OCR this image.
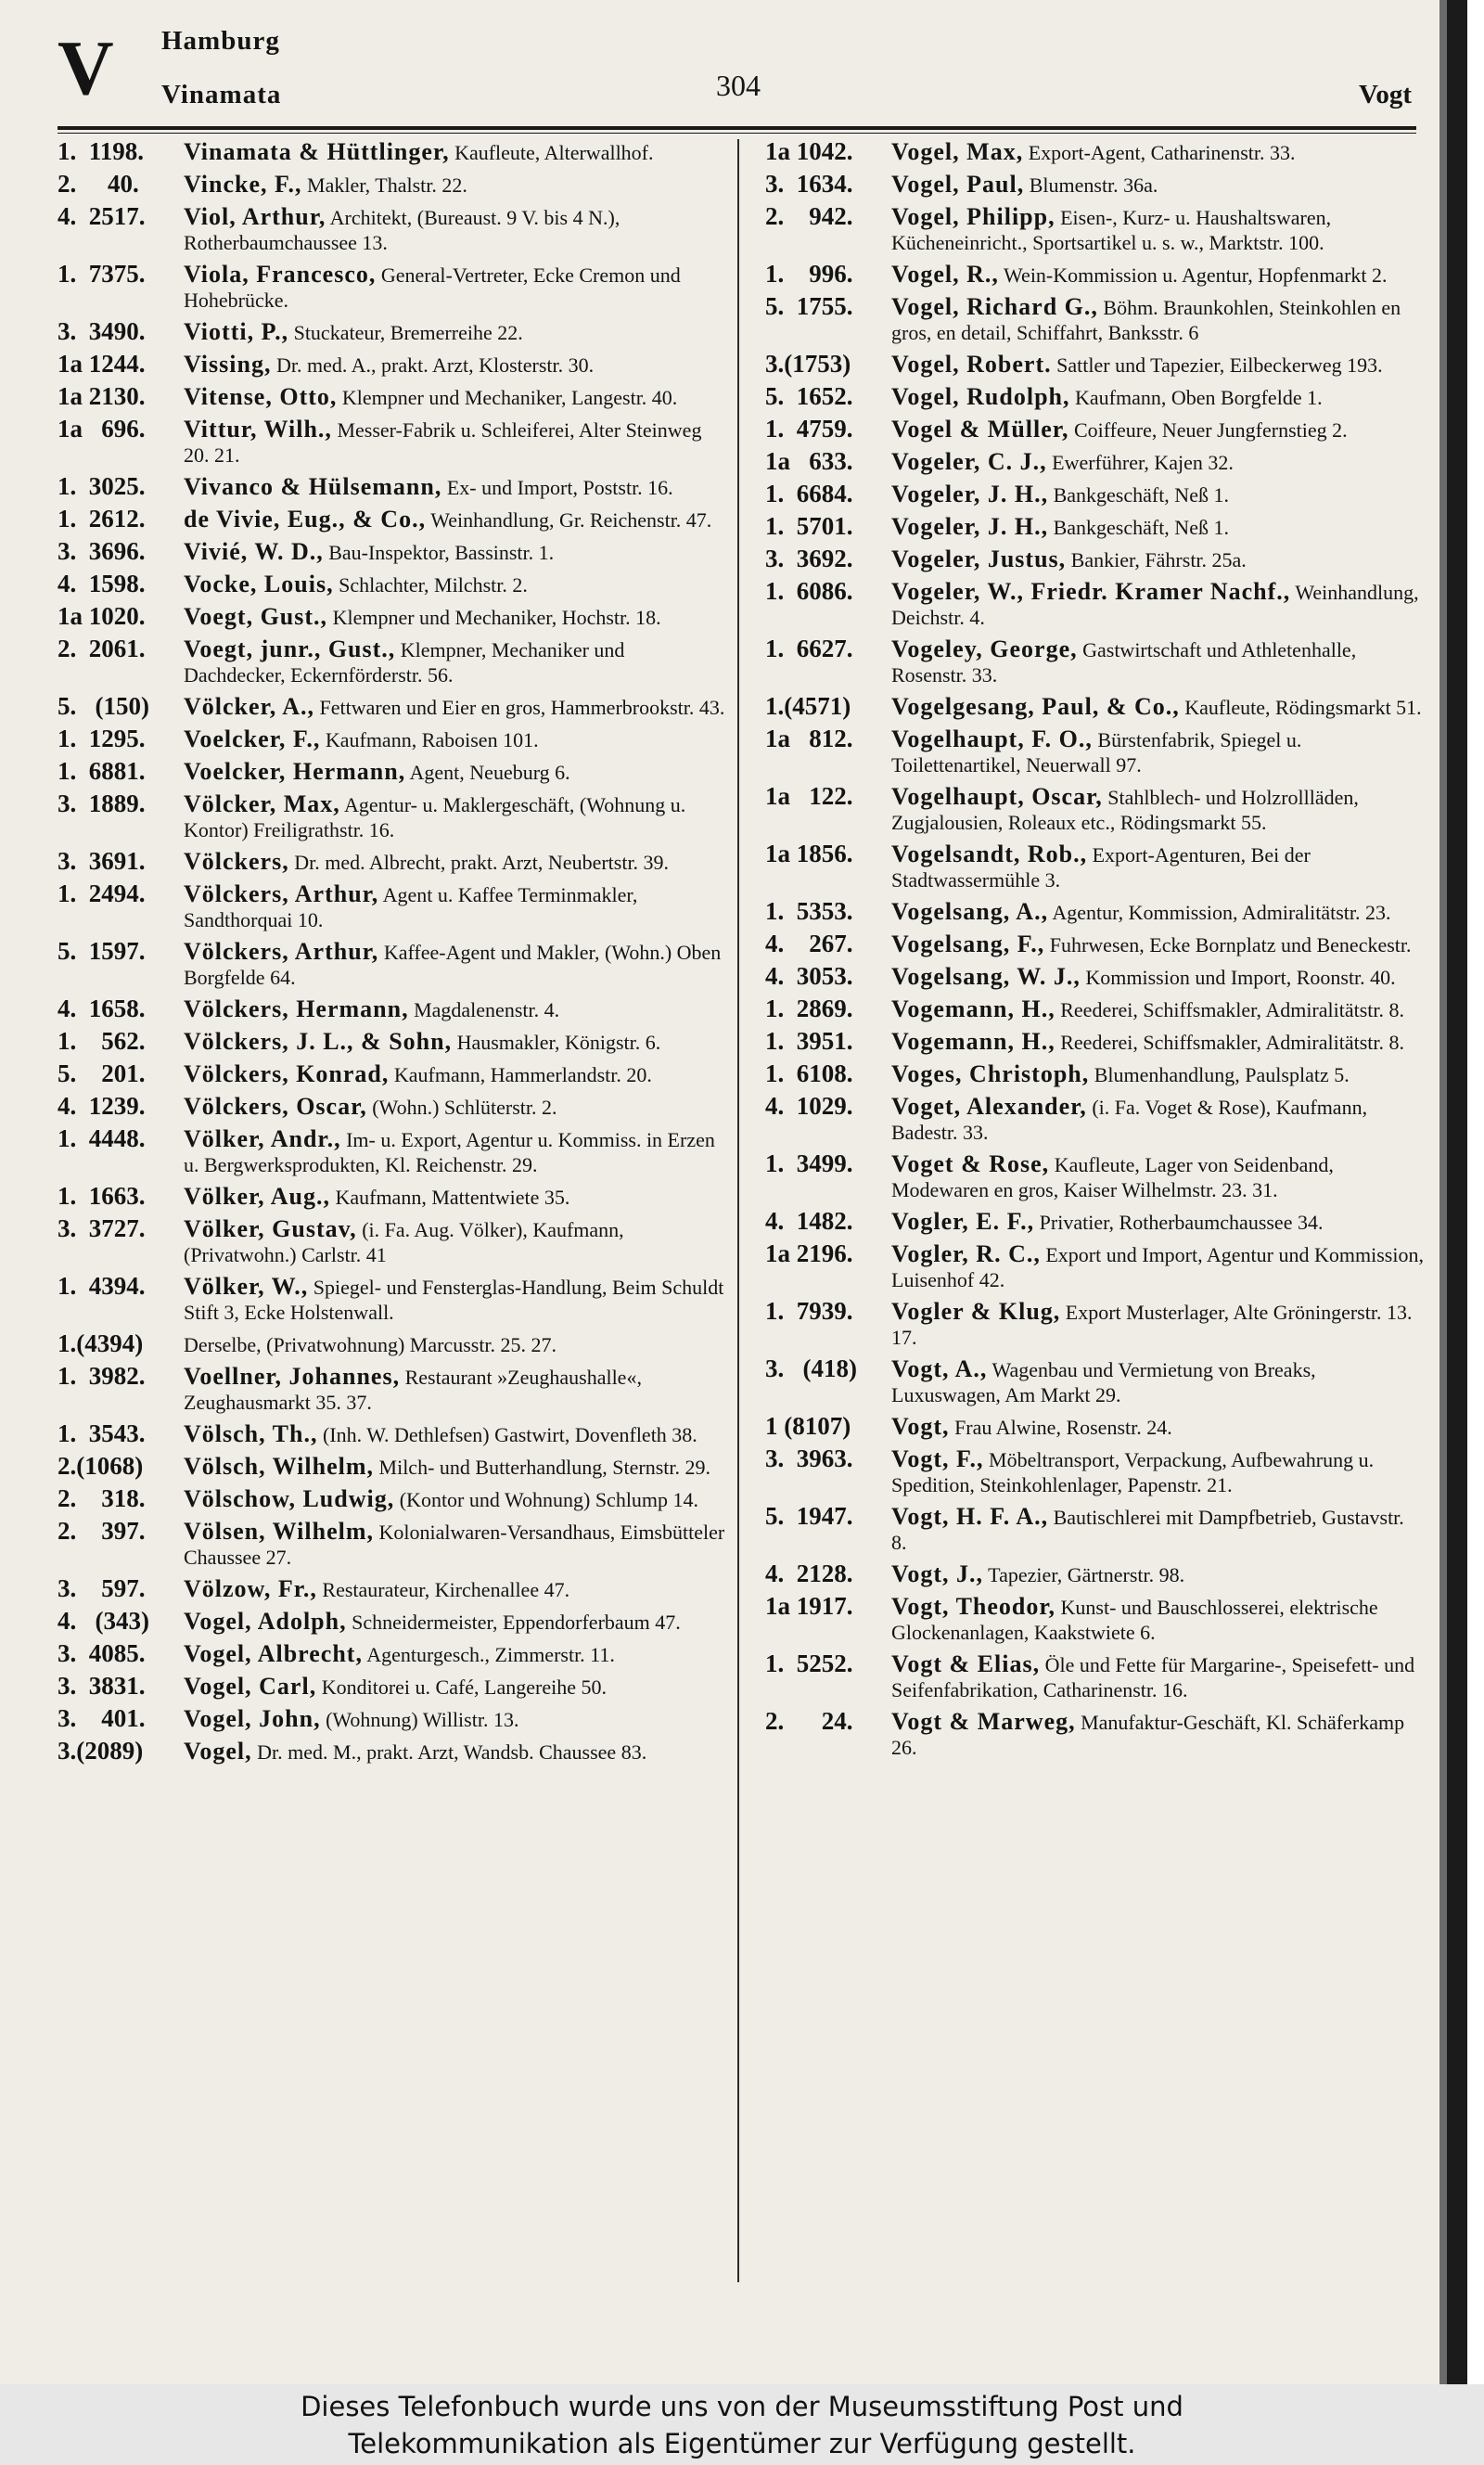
V Hamburg
Vinamata	304	Vogt
1.  1198. Vinamata & Hüttlinger, Kaufleute, Alterwallhof.
2.     40. Vincke, F., Makler, Thalstr. 22.
4.  2517. Viol, Arthur, Architekt, (Bureaust. 9 V. bis 4 N.), Rotherbaumchaussee 13.
1.  7375. Viola, Francesco, General-Vertreter, Ecke Cremon und Hohebrücke.
3.  3490. Viotti, P., Stuckateur, Bremerreihe 22.
1a 1244. Vissing, Dr. med. A., prakt. Arzt, Klosterstr. 30.
1a 2130. Vitense, Otto, Klempner und Mechaniker, Langestr. 40.
1a   696. Vittur, Wilh., Messer-Fabrik u. Schleiferei, Alter Steinweg 20. 21.
1.  3025. Vivanco & Hülsemann, Ex- und Import, Poststr. 16.
1.  2612. de Vivie, Eug., & Co., Weinhandlung, Gr. Reichenstr. 47.
3.  3696. Vivié, W. D., Bau-Inspektor, Bassinstr. 1.
4.  1598. Vocke, Louis, Schlachter, Milchstr. 2.
1a 1020. Voegt, Gust., Klempner und Mechaniker, Hochstr. 18.
2.  2061. Voegt, junr., Gust., Klempner, Mechaniker und Dachdecker, Eckernförderstr. 56.
5.   (150) Völcker, A., Fettwaren und Eier en gros, Hammerbrookstr. 43.
1.  1295. Voelcker, F., Kaufmann, Raboisen 101.
1.  6881. Voelcker, Hermann, Agent, Neueburg 6.
3.  1889. Völcker, Max, Agentur- u. Maklergeschäft, (Wohnung u. Kontor) Freiligrathstr. 16.
3.  3691. Völckers, Dr. med. Albrecht, prakt. Arzt, Neubertstr. 39.
1.  2494. Völckers, Arthur, Agent u. Kaffee Terminmakler, Sandthorquai 10.
5.  1597. Völckers, Arthur, Kaffee-Agent und Makler, (Wohn.) Oben Borgfelde 64.
4.  1658. Völckers, Hermann, Magdalenenstr. 4.
1.    562. Völckers, J. L., & Sohn, Hausmakler, Königstr. 6.
5.    201. Völckers, Konrad, Kaufmann, Hammerlandstr. 20.
4.  1239. Völckers, Oscar, (Wohn.) Schlüterstr. 2.
1.  4448. Völker, Andr., Im- u. Export, Agentur u. Kommiss. in Erzen u. Bergwerksprodukten, Kl. Reichenstr. 29.
1.  1663. Völker, Aug., Kaufmann, Mattentwiete 35.
3.  3727. Völker, Gustav, (i. Fa. Aug. Völker), Kaufmann, (Privatwohn.) Carlstr. 41
1.  4394. Völker, W., Spiegel- und Fensterglas-Handlung, Beim Schuldt Stift 3, Ecke Holstenwall.
1.(4394) Derselbe, (Privatwohnung) Marcusstr. 25. 27.
1.  3982. Voellner, Johannes, Restaurant »Zeughaushalle«, Zeughausmarkt 35. 37.
1.  3543. Völsch, Th., (Inh. W. Dethlefsen) Gastwirt, Dovenfleth 38.
2.(1068) Völsch, Wilhelm, Milch- und Butterhandlung, Sternstr. 29.
2.    318. Völschow, Ludwig, (Kontor und Wohnung) Schlump 14.
2.    397. Völsen, Wilhelm, Kolonialwaren-Versandhaus, Eimsbütteler Chaussee 27.
3.    597. Völzow, Fr., Restaurateur, Kirchenallee 47.
4.   (343) Vogel, Adolph, Schneidermeister, Eppendorferbaum 47.
3.  4085. Vogel, Albrecht, Agenturgesch., Zimmerstr. 11.
3.  3831. Vogel, Carl, Konditorei u. Café, Langereihe 50.
3.    401. Vogel, John, (Wohnung) Willistr. 13.
3.(2089) Vogel, Dr. med. M., prakt. Arzt, Wandsb. Chaussee 83.
1a 1042. Vogel, Max, Export-Agent, Catharinenstr. 33.
3.  1634. Vogel, Paul, Blumenstr. 36a.
2.    942. Vogel, Philipp, Eisen-, Kurz- u. Haushaltswaren, Kücheneinricht., Sportsartikel u. s. w., Marktstr. 100.
1.    996. Vogel, R., Wein-Kommission u. Agentur, Hopfenmarkt 2.
5.  1755. Vogel, Richard G., Böhm. Braunkohlen, Steinkohlen en gros, en detail, Schiffahrt, Banksstr. 6
3.(1753) Vogel, Robert. Sattler und Tapezier, Eilbeckerweg 193.
5.  1652. Vogel, Rudolph, Kaufmann, Oben Borgfelde 1.
1.  4759. Vogel & Müller, Coiffeure, Neuer Jungfernstieg 2.
1a   633. Vogeler, C. J., Ewerführer, Kajen 32.
1.  6684. Vogeler, J. H., Bankgeschäft, Neß 1.
1.  5701. Vogeler, J. H., Bankgeschäft, Neß 1.
3.  3692. Vogeler, Justus, Bankier, Fährstr. 25a.
1.  6086. Vogeler, W., Friedr. Kramer Nachf., Weinhandlung, Deichstr. 4.
1.  6627. Vogeley, George, Gastwirtschaft und Athletenhalle, Rosenstr. 33.
1.(4571) Vogelgesang, Paul, & Co., Kaufleute, Rödingsmarkt 51.
1a   812. Vogelhaupt, F. O., Bürstenfabrik, Spiegel u. Toilettenartikel, Neuerwall 97.
1a   122. Vogelhaupt, Oscar, Stahlblech- und Holzrollläden, Zugjalousien, Roleaux etc., Rödingsmarkt 55.
1a 1856. Vogelsandt, Rob., Export-Agenturen, Bei der Stadtwassermühle 3.
1.  5353. Vogelsang, A., Agentur, Kommission, Admiralitätstr. 23.
4.    267. Vogelsang, F., Fuhrwesen, Ecke Bornplatz und Beneckestr.
4.  3053. Vogelsang, W. J., Kommission und Import, Roonstr. 40.
1.  2869. Vogemann, H., Reederei, Schiffsmakler, Admiralitätstr. 8.
1.  3951. Vogemann, H., Reederei, Schiffsmakler, Admiralitätstr. 8.
1.  6108. Voges, Christoph, Blumenhandlung, Paulsplatz 5.
4.  1029. Voget, Alexander, (i. Fa. Voget & Rose), Kaufmann, Badestr. 33.
1.  3499. Voget & Rose, Kaufleute, Lager von Seidenband, Modewaren en gros, Kaiser Wilhelmstr. 23. 31.
4.  1482. Vogler, E. F., Privatier, Rotherbaumchaussee 34.
1a 2196. Vogler, R. C., Export und Import, Agentur und Kommission, Luisenhof 42.
1.  7939. Vogler & Klug, Export Musterlager, Alte Gröningerstr. 13. 17.
3.   (418) Vogt, A., Wagenbau und Vermietung von Breaks, Luxuswagen, Am Markt 29.
1 (8107) Vogt, Frau Alwine, Rosenstr. 24.
3.  3963. Vogt, F., Möbeltransport, Verpackung, Aufbewahrung u. Spedition, Steinkohlenlager, Papenstr. 21.
5.  1947. Vogt, H. F. A., Bautischlerei mit Dampfbetrieb, Gustavstr. 8.
4.  2128. Vogt, J., Tapezier, Gärtnerstr. 98.
1a 1917. Vogt, Theodor, Kunst- und Bauschlosserei, elektrische Glockenanlagen, Kaakstwiete 6.
1.  5252. Vogt & Elias, Öle und Fette für Margarine-, Speisefett- und Seifenfabrikation, Catharinenstr. 16.
2.      24. Vogt & Marweg, Manufaktur-Geschäft, Kl. Schäferkamp 26.
Dieses Telefonbuch wurde uns von der Museumsstiftung Post und
Telekommunikation als Eigentümer zur Verfügung gestellt.
